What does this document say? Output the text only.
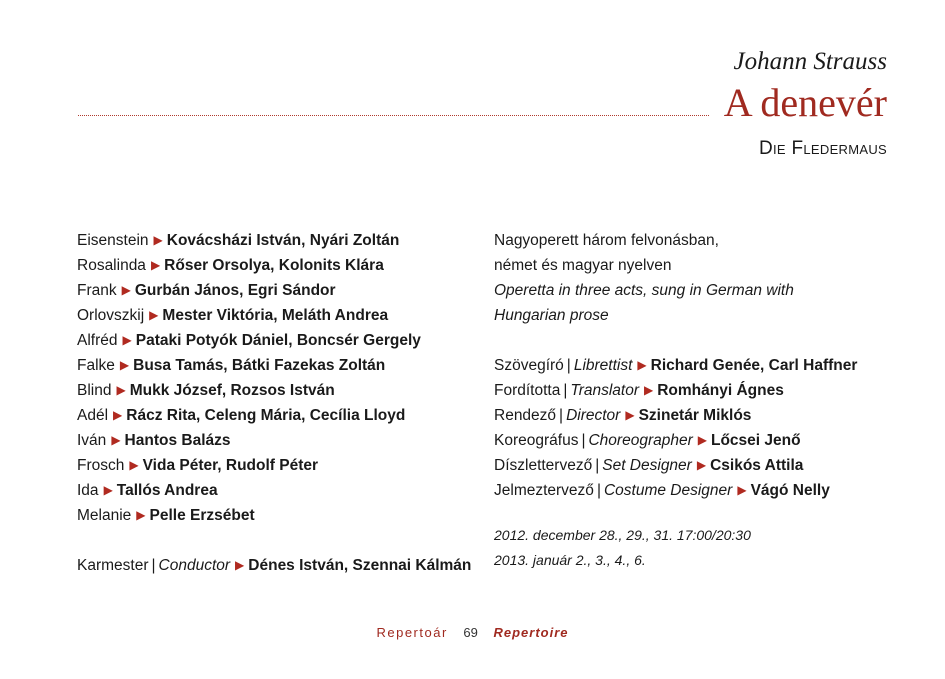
Johann Strauss
A denevér
Die Fledermaus
Eisenstein ▶ Kovácsházi István, Nyári Zoltán
Rosalinda ▶ Rőser Orsolya, Kolonits Klára
Frank ▶ Gurbán János, Egri Sándor
Orlovszkij ▶ Mester Viktória, Meláth Andrea
Alfréd ▶ Pataki Potyók Dániel, Boncsér Gergely
Falke ▶ Busa Tamás, Bátki Fazekas Zoltán
Blind ▶ Mukk József, Rozsos István
Adél ▶ Rácz Rita, Celeng Mária, Cecília Lloyd
Iván ▶ Hantos Balázs
Frosch ▶ Vida Péter, Rudolf Péter
Ida ▶ Tallós Andrea
Melanie ▶ Pelle Erzsébet
Karmester | Conductor ▶ Dénes István, Szennai Kálmán
Nagyoperett három felvonásban,
német és magyar nyelven
Operetta in three acts, sung in German with
Hungarian prose
Szövegíró | Librettist ▶ Richard Genée, Carl Haffner
Fordította | Translator ▶ Romhányi Ágnes
Rendező | Director ▶ Szinetár Miklós
Koreográfus | Choreographer ▶ Lőcsei Jenő
Díszlettervező | Set Designer ▶ Csikós Attila
Jelmeztervező | Costume Designer ▶ Vágó Nelly
2012. december 28., 29., 31. 17:00/20:30
2013. január 2., 3., 4., 6.
Repertoár 69 Repertoire
